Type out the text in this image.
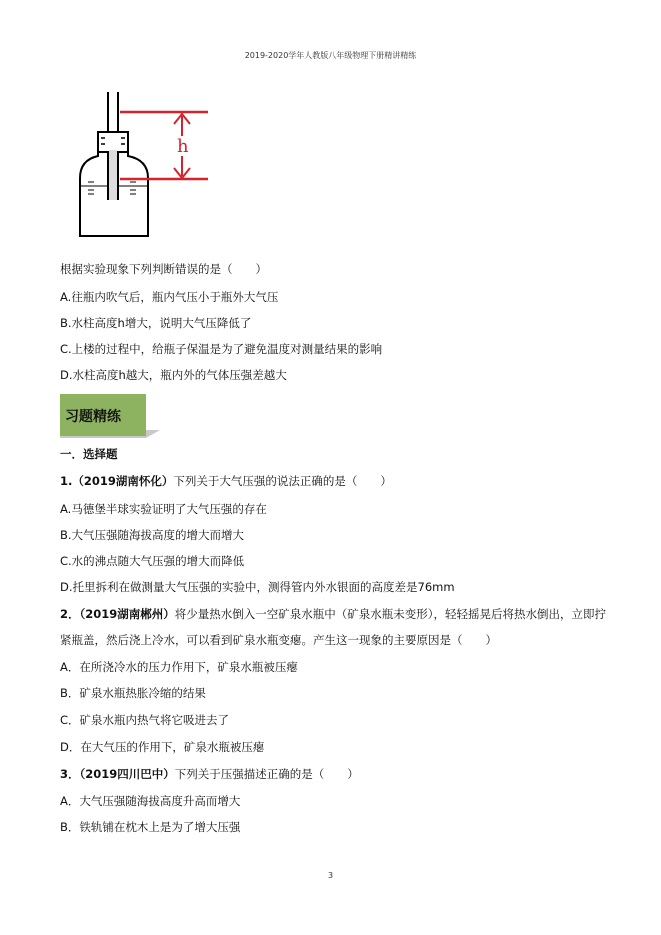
2019-2020学年人教版八年级物理下册精讲精练
h
根据实验现象下列判断错误的是（　　）
A.往瓶内吹气后，瓶内气压小于瓶外大气压
B.水柱高度h增大，说明大气压降低了
C.上楼的过程中，给瓶子保温是为了避免温度对测量结果的影响
D.水柱高度h越大，瓶内外的气体压强差越大
习题精练
一．选择题
1.（2019湖南怀化）下列关于大气压强的说法正确的是（　　）
A.马德堡半球实验证明了大气压强的存在
B.大气压强随海拔高度的增大而增大
C.水的沸点随大气压强的增大而降低
D.托里拆利在做测量大气压强的实验中，测得管内外水银面的高度差是76mm
2．（2019湖南郴州）将少量热水倒入一空矿泉水瓶中（矿泉水瓶未变形），轻轻摇晃后将热水倒出，立即拧
紧瓶盖，然后浇上冷水，可以看到矿泉水瓶变瘪。产生这一现象的主要原因是（　　）
A．在所浇冷水的压力作用下，矿泉水瓶被压瘪
B．矿泉水瓶热胀冷缩的结果
C．矿泉水瓶内热气将它吸进去了
D．在大气压的作用下，矿泉水瓶被压瘪
3．（2019四川巴中）下列关于压强描述正确的是（　　）
A．大气压强随海拔高度升高而增大
B．铁轨铺在枕木上是为了增大压强
3
